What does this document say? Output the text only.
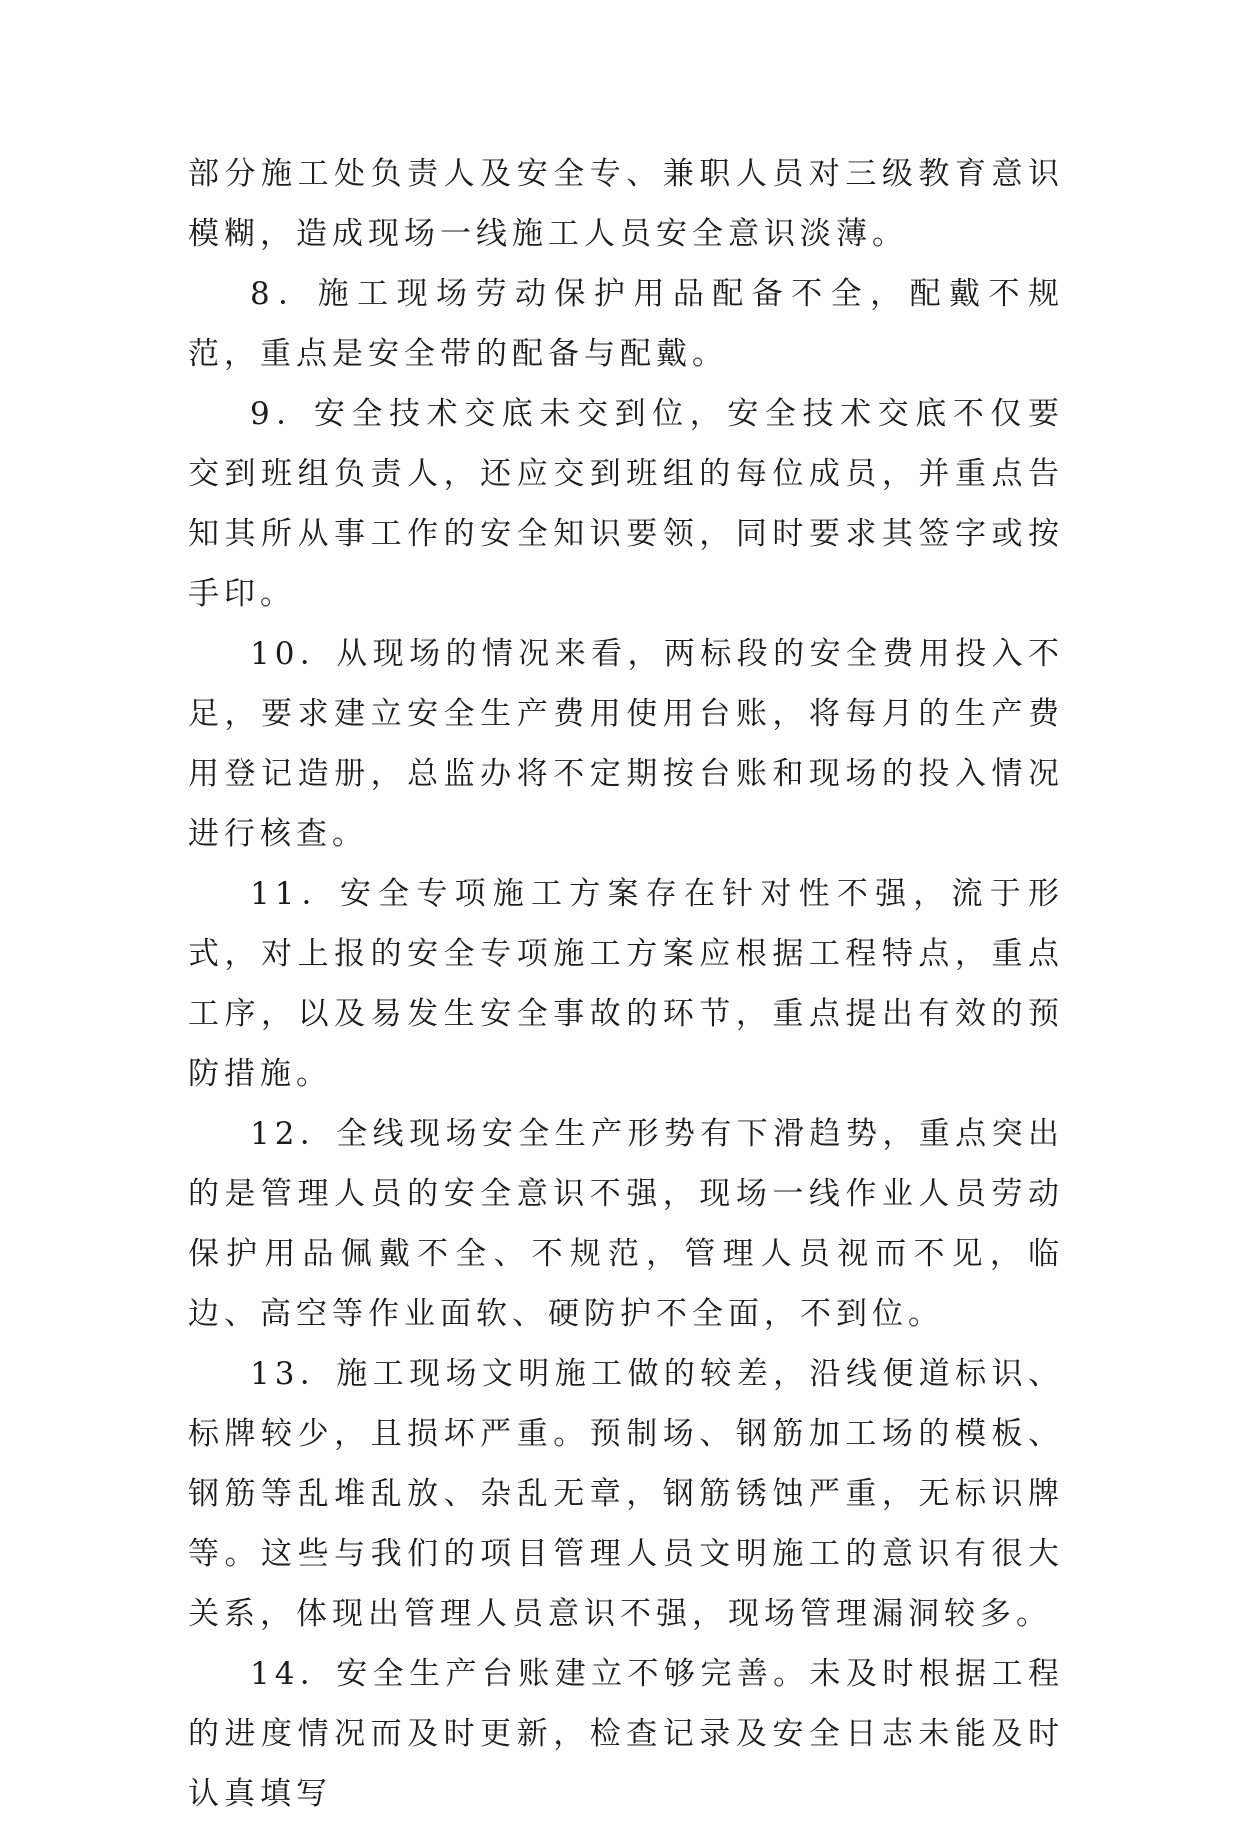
部分施工处负责人及安全专、兼职人员对三级教育意识模糊，造成现场一线施工人员安全意识淡薄。

8．施工现场劳动保护用品配备不全，配戴不规范，重点是安全带的配备与配戴。

9．安全技术交底未交到位，安全技术交底不仅要交到班组负责人，还应交到班组的每位成员，并重点告知其所从事工作的安全知识要领，同时要求其签字或按手印。

10．从现场的情况来看，两标段的安全费用投入不足，要求建立安全生产费用使用台账，将每月的生产费用登记造册，总监办将不定期按台账和现场的投入情况进行核查。

11．安全专项施工方案存在针对性不强，流于形式，对上报的安全专项施工方案应根据工程特点，重点工序，以及易发生安全事故的环节，重点提出有效的预防措施。

12．全线现场安全生产形势有下滑趋势，重点突出的是管理人员的安全意识不强，现场一线作业人员劳动保护用品佩戴不全、不规范，管理人员视而不见，临边、高空等作业面软、硬防护不全面，不到位。

13．施工现场文明施工做的较差，沿线便道标识、标牌较少，且损坏严重。预制场、钢筋加工场的模板、钢筋等乱堆乱放、杂乱无章，钢筋锈蚀严重，无标识牌等。这些与我们的项目管理人员文明施工的意识有很大关系，体现出管理人员意识不强，现场管理漏洞较多。

14．安全生产台账建立不够完善。未及时根据工程的进度情况而及时更新，检查记录及安全日志未能及时认真填写
